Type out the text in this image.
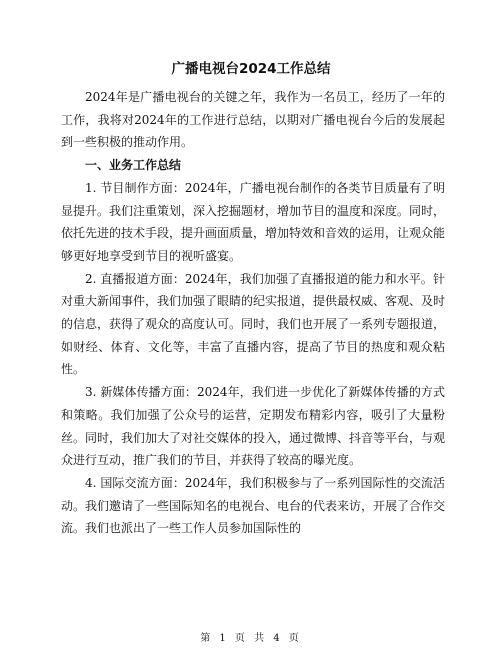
广播电视台2024工作总结

2024年是广播电视台的关键之年，我作为一名员工，经历了一年的工作，我将对2024年的工作进行总结，以期对广播电视台今后的发展起到一些积极的推动作用。

一、业务工作总结

1. 节目制作方面：2024年，广播电视台制作的各类节目质量有了明显提升。我们注重策划，深入挖掘题材，增加节目的温度和深度。同时，依托先进的技术手段，提升画面质量，增加特效和音效的运用，让观众能够更好地享受到节目的视听盛宴。

2. 直播报道方面：2024年，我们加强了直播报道的能力和水平。针对重大新闻事件，我们加强了眼睛的纪实报道，提供最权威、客观、及时的信息，获得了观众的高度认可。同时，我们也开展了一系列专题报道，如财经、体育、文化等，丰富了直播内容，提高了节目的热度和观众粘性。

3. 新媒体传播方面：2024年，我们进一步优化了新媒体传播的方式和策略。我们加强了公众号的运营，定期发布精彩内容，吸引了大量粉丝。同时，我们加大了对社交媒体的投入，通过微博、抖音等平台，与观众进行互动，推广我们的节目，并获得了较高的曝光度。

4. 国际交流方面：2024年，我们积极参与了一系列国际性的交流活动。我们邀请了一些国际知名的电视台、电台的代表来访，开展了合作交流。我们也派出了一些工作人员参加国际性的

第 1 页 共 4 页
